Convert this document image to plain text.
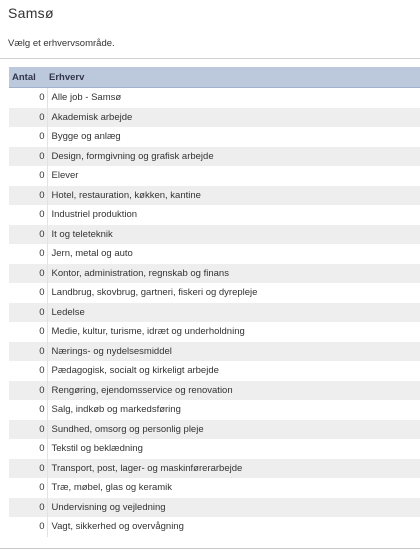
Samsø
Vælg et erhvervsområde.
Antal	Erhverv
0	Alle job - Samsø
0	Akademisk arbejde
0	Bygge og anlæg
0	Design, formgivning og grafisk arbejde
0	Elever
0	Hotel, restauration, køkken, kantine
0	Industriel produktion
0	It og teleteknik
0	Jern, metal og auto
0	Kontor, administration, regnskab og finans
0	Landbrug, skovbrug, gartneri, fiskeri og dyrepleje
0	Ledelse
0	Medie, kultur, turisme, idræt og underholdning
0	Nærings- og nydelsesmiddel
0	Pædagogisk, socialt og kirkeligt arbejde
0	Rengøring, ejendomsservice og renovation
0	Salg, indkøb og markedsføring
0	Sundhed, omsorg og personlig pleje
0	Tekstil og beklædning
0	Transport, post, lager- og maskinførerarbejde
0	Træ, møbel, glas og keramik
0	Undervisning og vejledning
0	Vagt, sikkerhed og overvågning
